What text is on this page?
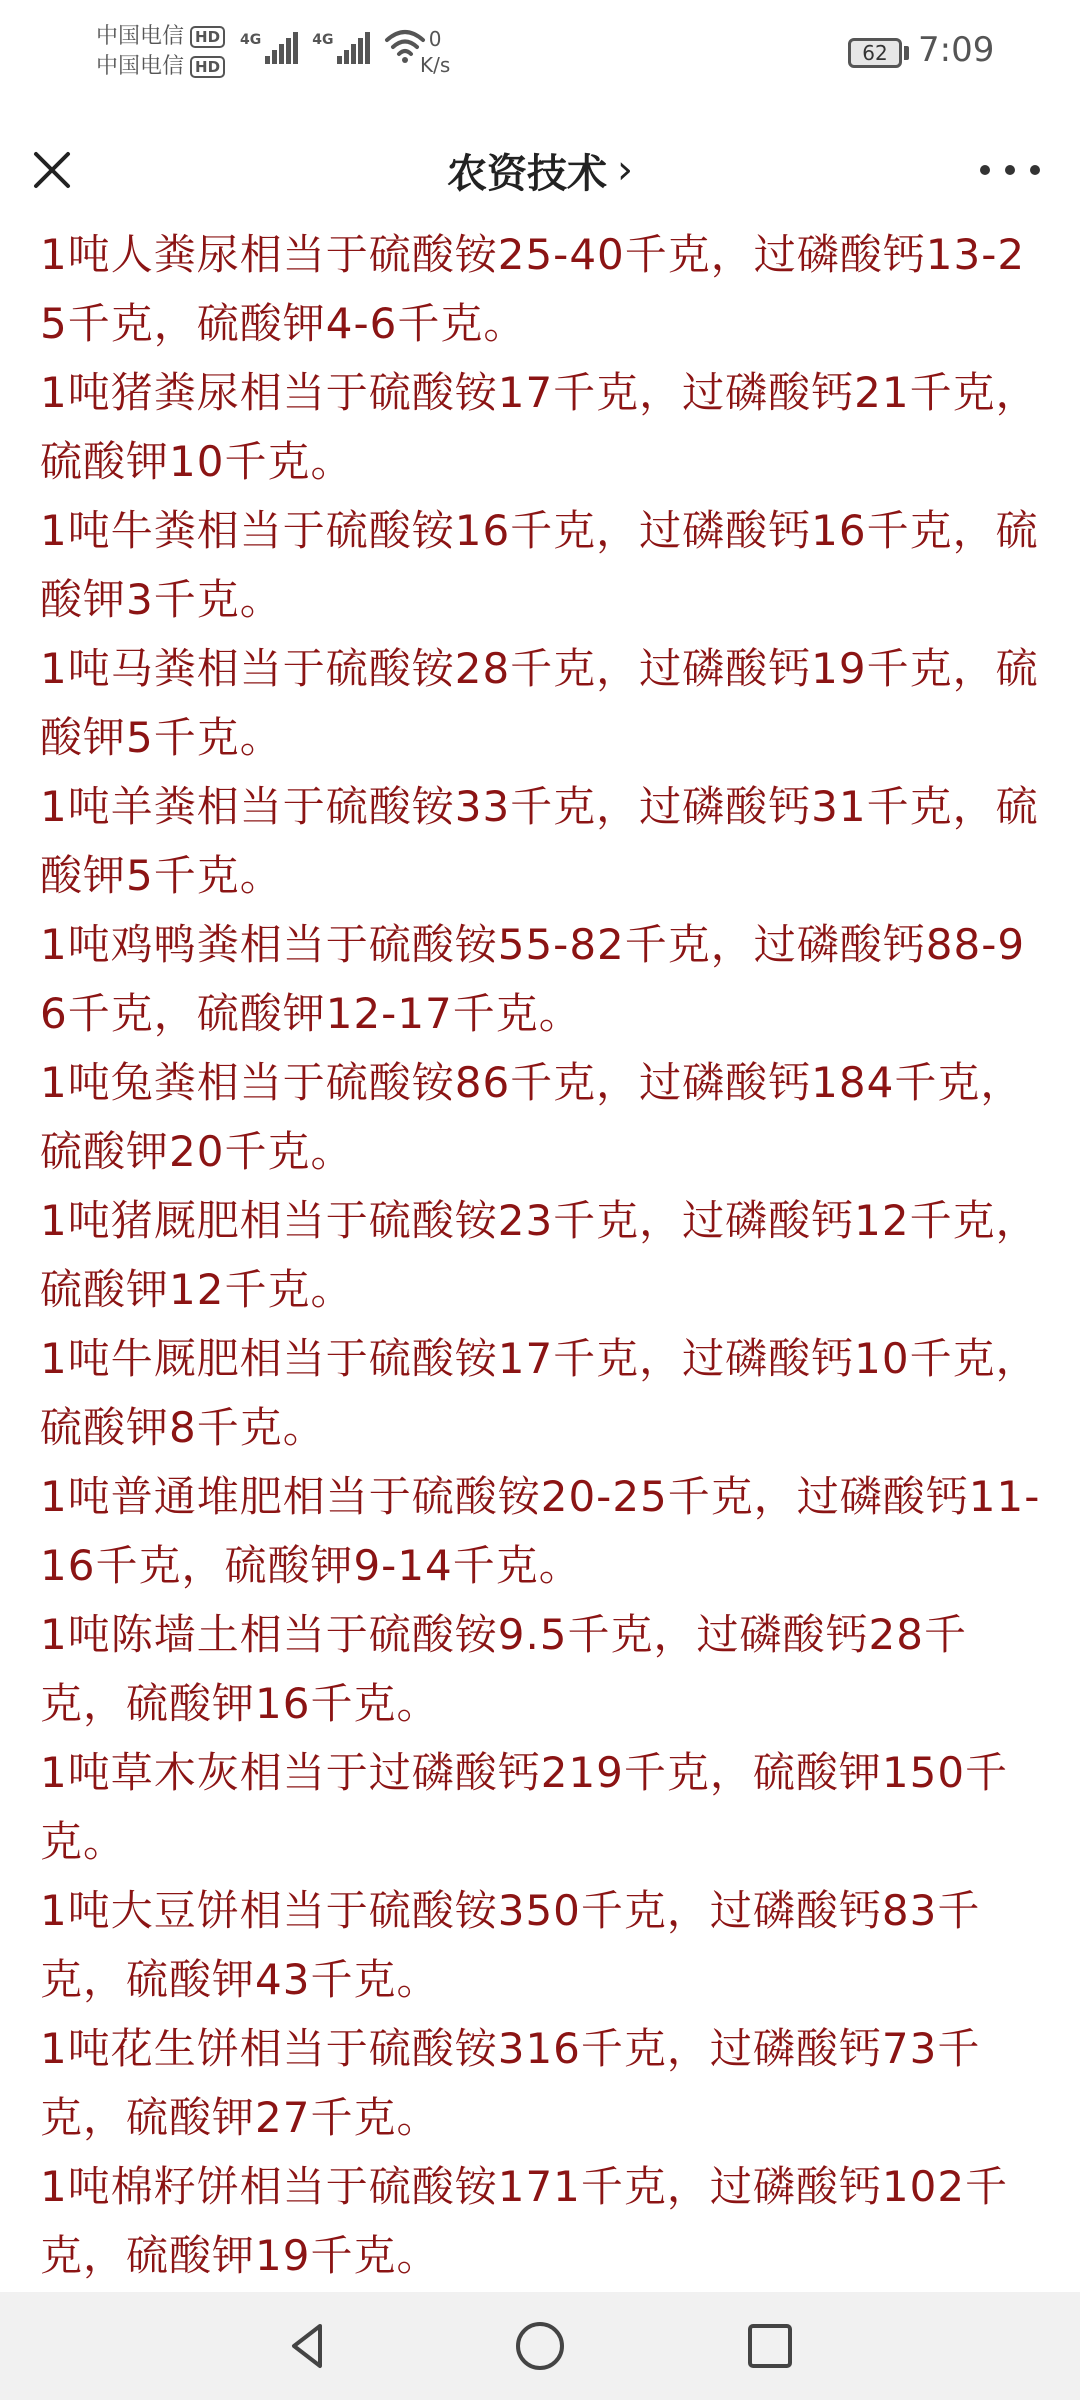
中国电信 HD
中国电信 HD
4G	4G	0
K/s	62 7:09
农资技术 ›

1吨人粪尿相当于硫酸铵25-40千克，过磷酸钙13-25千克，硫酸钾4-6千克。

1吨猪粪尿相当于硫酸铵17千克，过磷酸钙21千克，硫酸钾10千克。

1吨牛粪相当于硫酸铵16千克，过磷酸钙16千克，硫酸钾3千克。

1吨马粪相当于硫酸铵28千克，过磷酸钙19千克，硫酸钾5千克。

1吨羊粪相当于硫酸铵33千克，过磷酸钙31千克，硫酸钾5千克。

1吨鸡鸭粪相当于硫酸铵55-82千克，过磷酸钙88-96千克，硫酸钾12-17千克。

1吨兔粪相当于硫酸铵86千克，过磷酸钙184千克，硫酸钾20千克。

1吨猪厩肥相当于硫酸铵23千克，过磷酸钙12千克，硫酸钾12千克。

1吨牛厩肥相当于硫酸铵17千克，过磷酸钙10千克，硫酸钾8千克。

1吨普通堆肥相当于硫酸铵20-25千克，过磷酸钙11-16千克，硫酸钾9-14千克。

1吨陈墙土相当于硫酸铵9.5千克，过磷酸钙28千克，硫酸钾16千克。

1吨草木灰相当于过磷酸钙219千克，硫酸钾150千克。

1吨大豆饼相当于硫酸铵350千克，过磷酸钙83千克，硫酸钾43千克。

1吨花生饼相当于硫酸铵316千克，过磷酸钙73千克，硫酸钾27千克。

1吨棉籽饼相当于硫酸铵171千克，过磷酸钙102千克，硫酸钾19千克。
